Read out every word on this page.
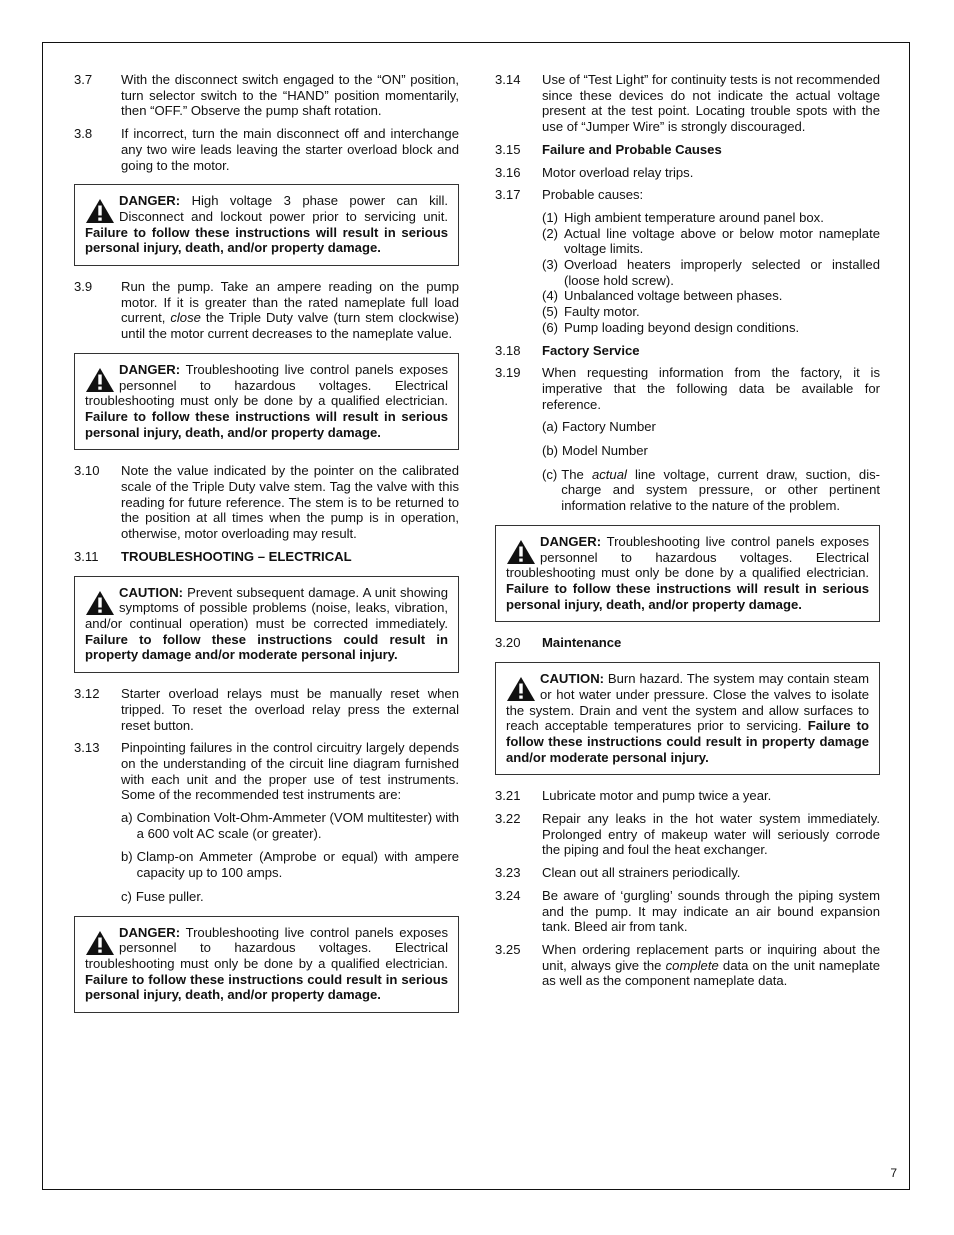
3.7	With the disconnect switch engaged to the “ON” position, turn selector switch to the “HAND” position momentarily, then “OFF.” Observe the pump shaft rotation.
3.8	If incorrect, turn the main disconnect off and interchange any two wire leads leaving the starter overload block and going to the motor.
DANGER: High voltage 3 phase power can kill. Disconnect and lockout power prior to servicing unit. Failure to follow these instructions will result in serious personal injury, death, and/or property damage.
3.9	Run the pump. Take an ampere reading on the pump motor. If it is greater than the rated nameplate full load current, close the Triple Duty valve (turn stem clockwise) until the motor current decreases to the nameplate value.
DANGER: Troubleshooting live control panels exposes personnel to hazardous voltages. Electrical troubleshooting must only be done by a qualified electrician. Failure to follow these instructions will result in serious personal injury, death, and/or property damage.
3.10	Note the value indicated by the pointer on the calibrated scale of the Triple Duty valve stem. Tag the valve with this reading for future reference. The stem is to be returned to the position at all times when the pump is in operation, otherwise, motor overloading may result.
3.11	TROUBLESHOOTING – ELECTRICAL
CAUTION: Prevent subsequent damage. A unit showing symptoms of possible problems (noise, leaks, vibration, and/or continual operation) must be corrected immediately. Failure to follow these instructions could result in property damage and/or moderate personal injury.
3.12	Starter overload relays must be manually reset when tripped. To reset the overload relay press the external reset button.
3.13	Pinpointing failures in the control circuitry largely depends on the understanding of the circuit line diagram furnished with each unit and the proper use of test instruments. Some of the recommended test instruments are:
a) Combination Volt-Ohm-Ammeter (VOM multitester) with a 600 volt AC scale (or greater).
b) Clamp-on Ammeter (Amprobe or equal) with ampere capacity up to 100 amps.
c) Fuse puller.
DANGER: Troubleshooting live control panels exposes personnel to hazardous voltages. Electrical troubleshooting must only be done by a qualified electrician. Failure to follow these instructions could result in serious personal injury, death, and/or property damage.
3.14	Use of “Test Light” for continuity tests is not recommended since these devices do not indicate the actual voltage present at the test point. Locating trouble spots with the use of “Jumper Wire” is strongly discouraged.
3.15	Failure and Probable Causes
3.16	Motor overload relay trips.
3.17	Probable causes:
(1) High ambient temperature around panel box.
(2) Actual line voltage above or below motor nameplate voltage limits.
(3) Overload heaters improperly selected or installed (loose hold screw).
(4) Unbalanced voltage between phases.
(5) Faulty motor.
(6) Pump loading beyond design conditions.
3.18	Factory Service
3.19	When requesting information from the factory, it is imperative that the following data be available for reference.
(a) Factory Number
(b) Model Number
(c) The actual line voltage, current draw, suction, discharge and system pressure, or other pertinent information relative to the nature of the problem.
DANGER: Troubleshooting live control panels exposes personnel to hazardous voltages. Electrical troubleshooting must only be done by a qualified electrician. Failure to follow these instructions will result in serious personal injury, death, and/or property damage.
3.20	Maintenance
CAUTION: Burn hazard. The system may contain steam or hot water under pressure. Close the valves to isolate the system. Drain and vent the system and allow surfaces to reach acceptable temperatures prior to servicing. Failure to follow these instructions could result in property damage and/or moderate personal injury.
3.21	Lubricate motor and pump twice a year.
3.22	Repair any leaks in the hot water system immediately. Prolonged entry of makeup water will seriously corrode the piping and foul the heat exchanger.
3.23	Clean out all strainers periodically.
3.24	Be aware of ‘gurgling’ sounds through the piping system and the pump. It may indicate an air bound expansion tank. Bleed air from tank.
3.25	When ordering replacement parts or inquiring about the unit, always give the complete data on the unit nameplate as well as the component nameplate data.
7
